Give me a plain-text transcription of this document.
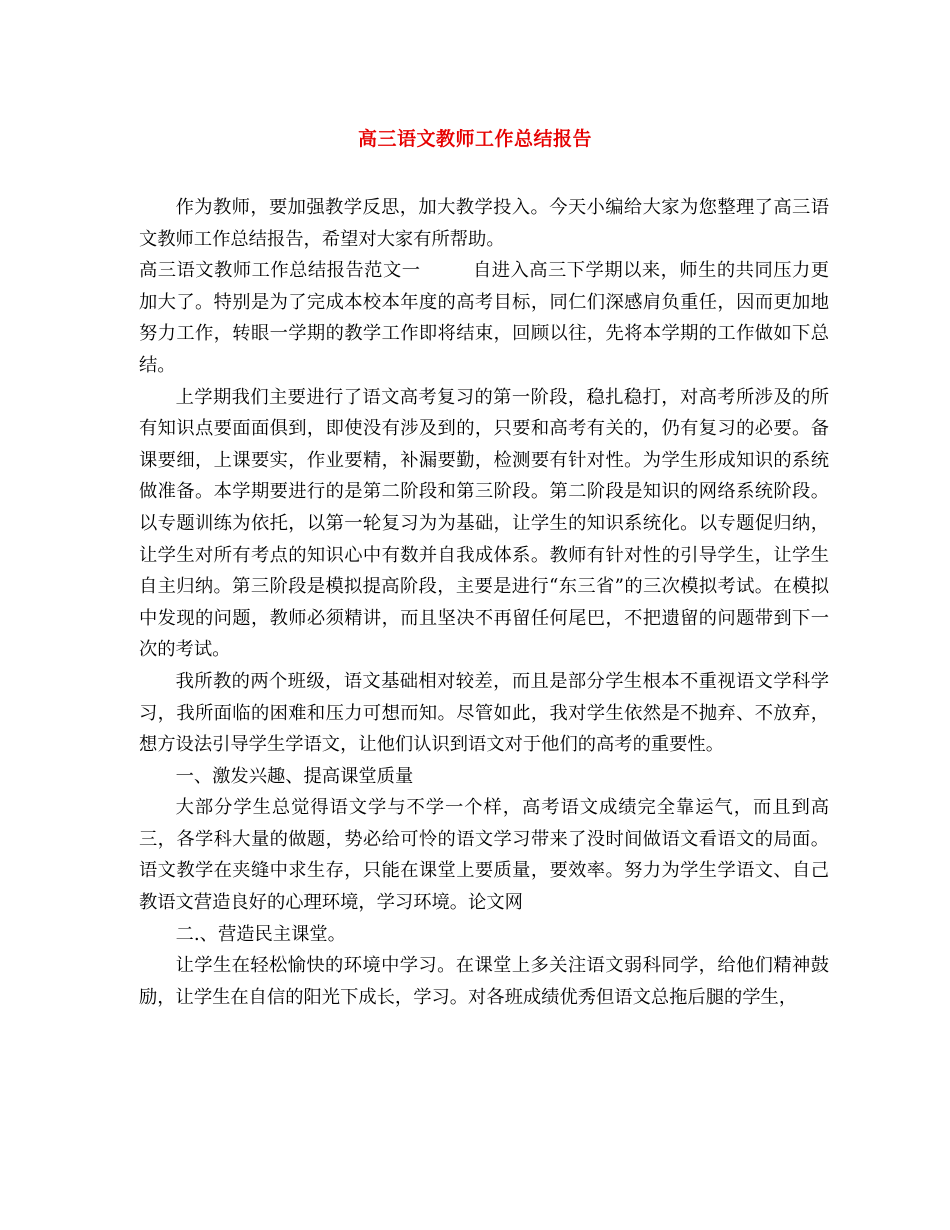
高三语文教师工作总结报告

作为教师，要加强教学反思，加大教学投入。今天小编给大家为您整理了高三语文教师工作总结报告，希望对大家有所帮助。

高三语文教师工作总结报告范文一	自进入高三下学期以来，师生的共同压力更加大了。特别是为了完成本校本年度的高考目标，同仁们深感肩负重任，因而更加地努力工作，转眼一学期的教学工作即将结束，回顾以往，先将本学期的工作做如下总结。

上学期我们主要进行了语文高考复习的第一阶段，稳扎稳打，对高考所涉及的所有知识点要面面俱到，即使没有涉及到的，只要和高考有关的，仍有复习的必要。备课要细，上课要实，作业要精，补漏要勤，检测要有针对性。为学生形成知识的系统做准备。本学期要进行的是第二阶段和第三阶段。第二阶段是知识的网络系统阶段。以专题训练为依托，以第一轮复习为为基础，让学生的知识系统化。以专题促归纳，让学生对所有考点的知识心中有数并自我成体系。教师有针对性的引导学生，让学生自主归纳。第三阶段是模拟提高阶段，主要是进行“东三省”的三次模拟考试。在模拟中发现的问题，教师必须精讲，而且坚决不再留任何尾巴，不把遗留的问题带到下一次的考试。

我所教的两个班级，语文基础相对较差，而且是部分学生根本不重视语文学科学习，我所面临的困难和压力可想而知。尽管如此，我对学生依然是不抛弃、不放弃，想方设法引导学生学语文，让他们认识到语文对于他们的高考的重要性。

一、激发兴趣、提高课堂质量

大部分学生总觉得语文学与不学一个样，高考语文成绩完全靠运气，而且到高三，各学科大量的做题，势必给可怜的语文学习带来了没时间做语文看语文的局面。语文教学在夹缝中求生存，只能在课堂上要质量，要效率。努力为学生学语文、自己教语文营造良好的心理环境，学习环境。论文网

二.、营造民主课堂。

让学生在轻松愉快的环境中学习。在课堂上多关注语文弱科同学，给他们精神鼓励，让学生在自信的阳光下成长，学习。对各班成绩优秀但语文总拖后腿的学生，
